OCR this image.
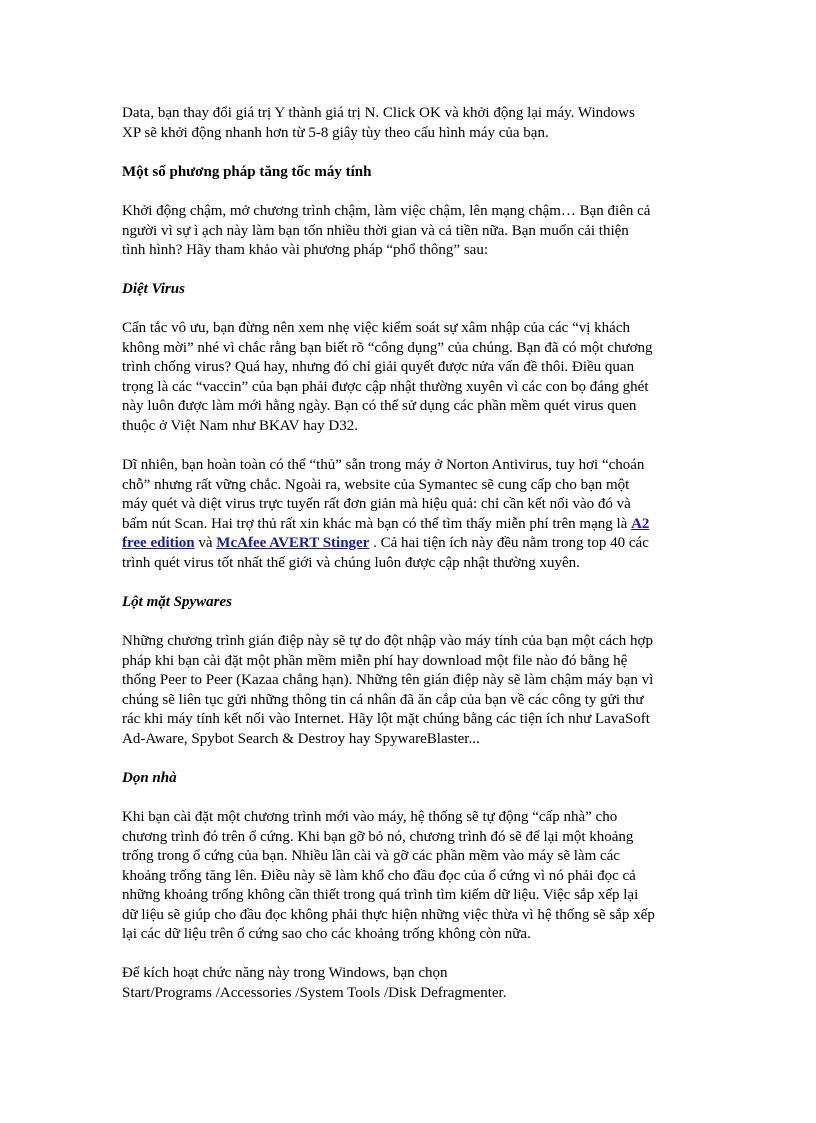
Data, bạn thay đổi giá trị Y thành giá trị N. Click OK và khởi động lại máy. Windows
XP sẽ khởi động nhanh hơn từ 5-8 giây tùy theo cấu hình máy của bạn.

Một số phương pháp tăng tốc máy tính

Khởi động chậm, mở chương trình chậm, làm việc chậm, lên mạng chậm… Bạn điên cả
người vì sự ì ạch này làm bạn tốn nhiều thời gian và cả tiền nữa. Bạn muốn cải thiện
tình hình? Hãy tham khảo vài phương pháp “phổ thông” sau:

Diệt Virus

Cẩn tắc vô ưu, bạn đừng nên xem nhẹ việc kiểm soát sự xâm nhập của các “vị khách
không mời” nhé vì chắc rằng bạn biết rõ “công dụng” của chúng. Bạn đã có một chương
trình chống virus? Quá hay, nhưng đó chỉ giải quyết được nửa vấn đề thôi. Điều quan
trọng là các “vaccin” của bạn phải được cập nhật thường xuyên vì các con bọ đáng ghét
này luôn được làm mới hằng ngày. Bạn có thể sử dụng các phần mềm quét virus quen
thuộc ở Việt Nam như BKAV hay D32.

Dĩ nhiên, bạn hoàn toàn có thể “thủ” sẵn trong máy ở Norton Antivirus, tuy hơi “choán
chỗ” nhưng rất vững chắc. Ngoài ra, website của Symantec sẽ cung cấp cho bạn một
máy quét và diệt virus trực tuyến rất đơn giản mà hiệu quả: chỉ cần kết nối vào đó và
bấm nút Scan. Hai trợ thủ rất xin khác mà bạn có thể tìm thấy miễn phí trên mạng là A2
free edition và McAfee AVERT Stinger . Cả hai tiện ích này đều nằm trong top 40 các
trình quét virus tốt nhất thế giới và chúng luôn được cập nhật thường xuyên.

Lột mặt Spywares

Những chương trình gián điệp này sẽ tự do đột nhập vào máy tính của bạn một cách hợp
pháp khi bạn cài đặt một phần mềm miễn phí hay download một file nào đó bằng hệ
thống Peer to Peer (Kazaa chẳng hạn). Những tên gián điệp này sẽ làm chậm máy bạn vì
chúng sẽ liên tục gửi những thông tin cá nhân đã ăn cắp của bạn về các công ty gửi thư
rác khi máy tính kết nối vào Internet. Hãy lột mặt chúng bằng các tiện ích như LavaSoft
Ad-Aware, Spybot Search & Destroy hay SpywareBlaster...

Dọn nhà

Khi bạn cài đặt một chương trình mới vào máy, hệ thống sẽ tự động “cấp nhà” cho
chương trình đó trên ổ cứng. Khi bạn gỡ bỏ nó, chương trình đó sẽ để lại một khoảng
trống trong ổ cứng của bạn. Nhiều lần cài và gỡ các phần mềm vào máy sẽ làm các
khoảng trống tăng lên. Điều này sẽ làm khổ cho đầu đọc của ổ cứng vì nó phải đọc cả
những khoảng trống không cần thiết trong quá trình tìm kiếm dữ liệu. Việc sắp xếp lại
dữ liệu sẽ giúp cho đầu đọc không phải thực hiện những việc thừa vì hệ thống sẽ sắp xếp
lại các dữ liệu trên ổ cứng sao cho các khoảng trống không còn nữa.

Để kích hoạt chức năng này trong Windows, bạn chọn
Start/Programs /Accessories /System Tools /Disk Defragmenter.
